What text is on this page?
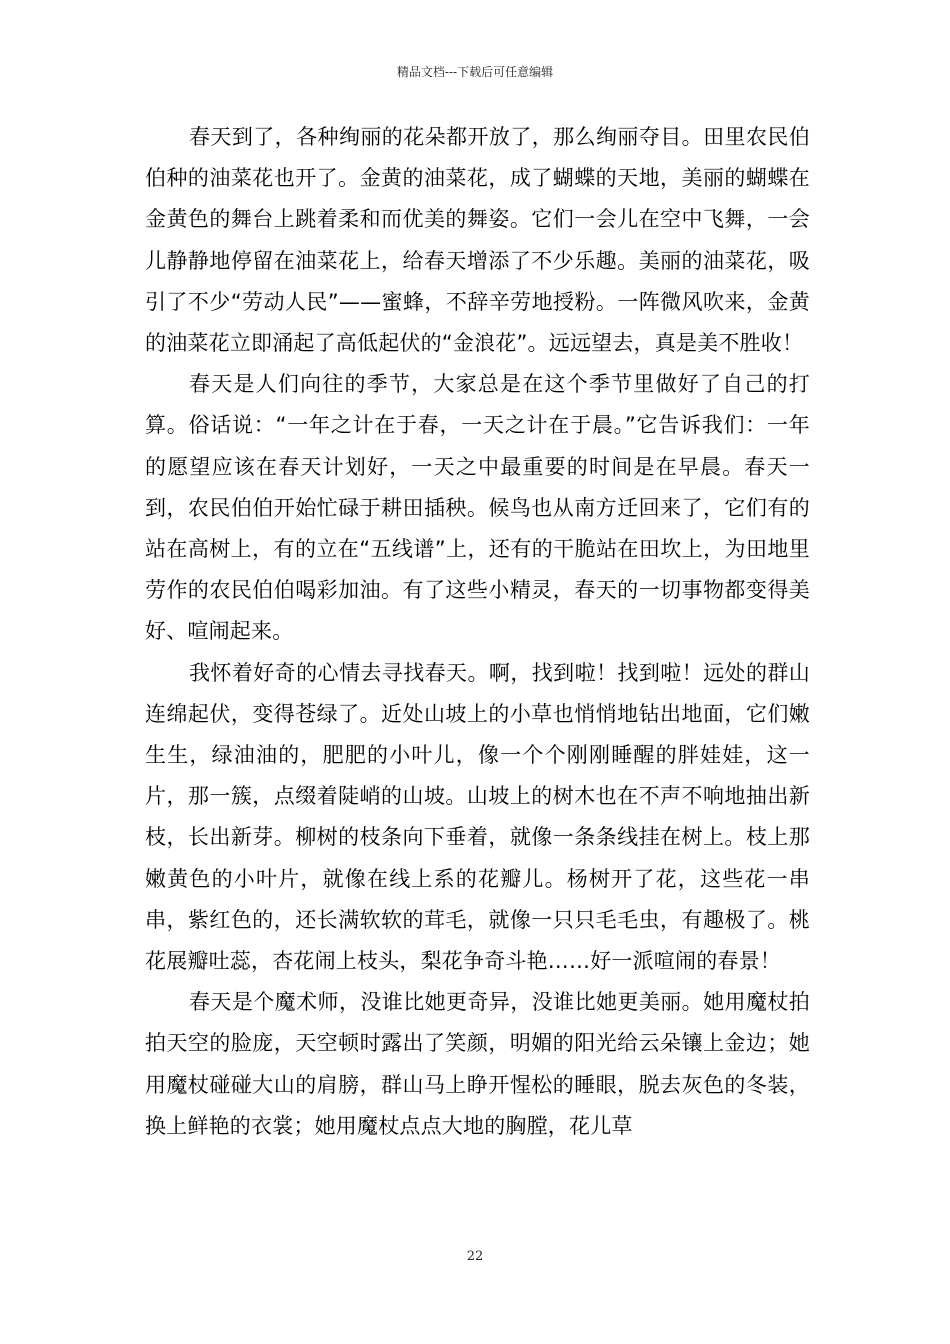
精品文档---下载后可任意编辑

春天到了，各种绚丽的花朵都开放了，那么绚丽夺目。田里农民伯伯种的油菜花也开了。金黄的油菜花，成了蝴蝶的天地，美丽的蝴蝶在金黄色的舞台上跳着柔和而优美的舞姿。它们一会儿在空中飞舞，一会儿静静地停留在油菜花上，给春天增添了不少乐趣。美丽的油菜花，吸引了不少“劳动人民”——蜜蜂，不辞辛劳地授粉。一阵微风吹来，金黄的油菜花立即涌起了高低起伏的“金浪花”。远远望去，真是美不胜收！

春天是人们向往的季节，大家总是在这个季节里做好了自己的打算。俗话说：“一年之计在于春，一天之计在于晨。”它告诉我们：一年的愿望应该在春天计划好，一天之中最重要的时间是在早晨。春天一到，农民伯伯开始忙碌于耕田插秧。候鸟也从南方迁回来了，它们有的站在高树上，有的立在“五线谱”上，还有的干脆站在田坎上，为田地里劳作的农民伯伯喝彩加油。有了这些小精灵，春天的一切事物都变得美好、喧闹起来。

我怀着好奇的心情去寻找春天。啊，找到啦！找到啦！远处的群山连绵起伏，变得苍绿了。近处山坡上的小草也悄悄地钻出地面，它们嫩生生，绿油油的，肥肥的小叶儿，像一个个刚刚睡醒的胖娃娃，这一片，那一簇，点缀着陡峭的山坡。山坡上的树木也在不声不响地抽出新枝，长出新芽。柳树的枝条向下垂着，就像一条条线挂在树上。枝上那嫩黄色的小叶片，就像在线上系的花瓣儿。杨树开了花，这些花一串串，紫红色的，还长满软软的茸毛，就像一只只毛毛虫，有趣极了。桃花展瓣吐蕊，杏花闹上枝头，梨花争奇斗艳……好一派喧闹的春景！

春天是个魔术师，没谁比她更奇异，没谁比她更美丽。她用魔杖拍拍天空的脸庞，天空顿时露出了笑颜，明媚的阳光给云朵镶上金边；她用魔杖碰碰大山的肩膀，群山马上睁开惺松的睡眼，脱去灰色的冬装，换上鲜艳的衣裳；她用魔杖点点大地的胸膛，花儿草

22
